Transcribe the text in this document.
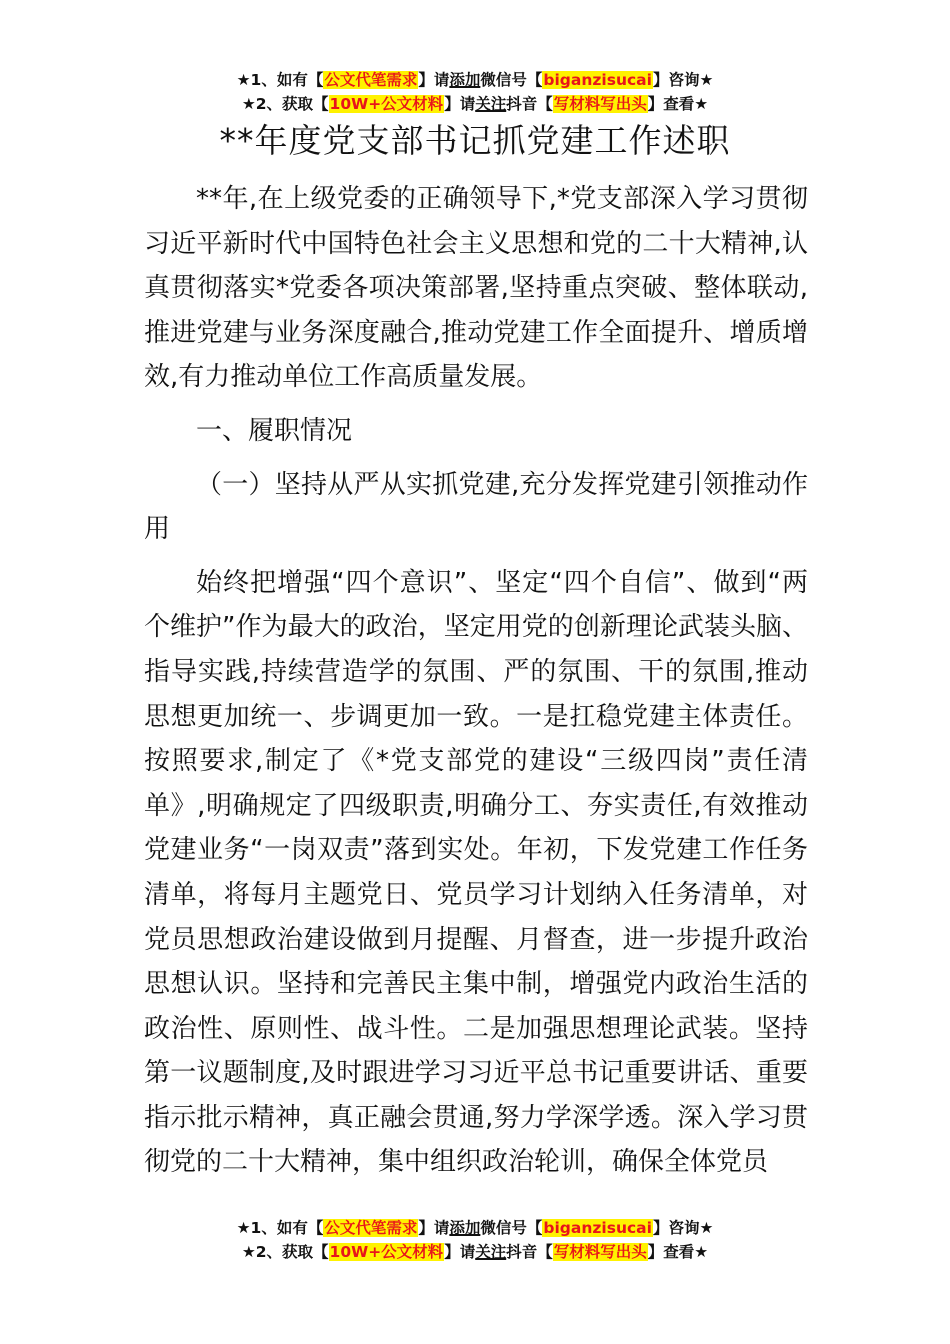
★1、如有【公文代笔需求】请添加微信号【biganzisucai】咨询★
★2、获取【10W+公文材料】请关注抖音【写材料写出头】查看★
**年度党支部书记抓党建工作述职

**年,在上级党委的正确领导下,*党支部深入学习贯彻习近平新时代中国特色社会主义思想和党的二十大精神,认真贯彻落实*党委各项决策部署,坚持重点突破、整体联动,推进党建与业务深度融合,推动党建工作全面提升、增质增效,有力推动单位工作高质量发展。

一、履职情况

（一）坚持从严从实抓党建,充分发挥党建引领推动作用

始终把增强“四个意识”、坚定“四个自信”、做到“两个维护”作为最大的政治，坚定用党的创新理论武装头脑、指导实践,持续营造学的氛围、严的氛围、干的氛围,推动思想更加统一、步调更加一致。一是扛稳党建主体责任。按照要求,制定了《*党支部党的建设“三级四岗”责任清单》,明确规定了四级职责,明确分工、夯实责任,有效推动党建业务“一岗双责”落到实处。年初，下发党建工作任务清单，将每月主题党日、党员学习计划纳入任务清单，对党员思想政治建设做到月提醒、月督查，进一步提升政治思想认识。坚持和完善民主集中制，增强党内政治生活的政治性、原则性、战斗性。二是加强思想理论武装。坚持第一议题制度,及时跟进学习习近平总书记重要讲话、重要指示批示精神，真正融会贯通,努力学深学透。深入学习贯彻党的二十大精神，集中组织政治轮训，确保全体党员

★1、如有【公文代笔需求】请添加微信号【biganzisucai】咨询★
★2、获取【10W+公文材料】请关注抖音【写材料写出头】查看★
